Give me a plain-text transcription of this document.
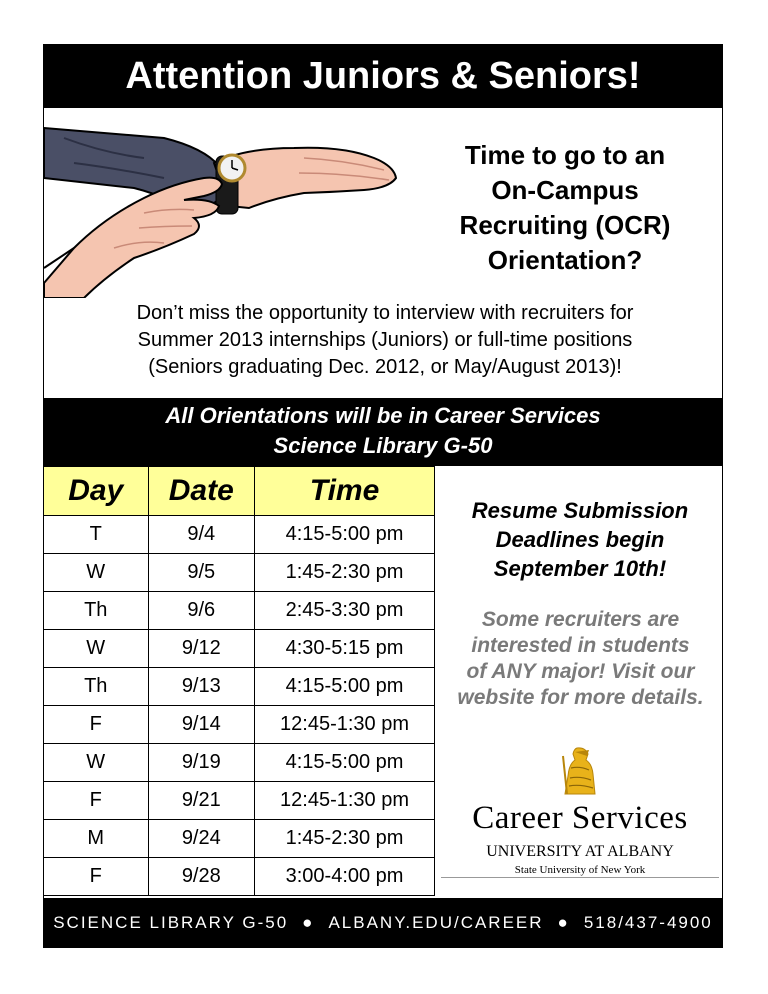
Attention Juniors & Seniors!
Time to go to an
On-Campus
Recruiting (OCR)
Orientation?
Don’t miss the opportunity to interview with recruiters for
Summer 2013 internships (Juniors) or full-time positions
(Seniors graduating Dec. 2012, or May/August 2013)!
All Orientations will be in Career Services
Science Library G-50
Day	Date	Time
T	9/4	4:15-5:00 pm
W	9/5	1:45-2:30 pm
Th	9/6	2:45-3:30 pm
W	9/12	4:30-5:15 pm
Th	9/13	4:15-5:00 pm
F	9/14	12:45-1:30 pm
W	9/19	4:15-5:00 pm
F	9/21	12:45-1:30 pm
M	9/24	1:45-2:30 pm
F	9/28	3:00-4:00 pm
Resume Submission
Deadlines begin
September 10th!
Some recruiters are
interested in students
of ANY major! Visit our
website for more details.
Career Services
UNIVERSITY AT ALBANY
State University of New York
SCIENCE LIBRARY G-50 ● ALBANY.EDU/CAREER ● 518/437-4900
